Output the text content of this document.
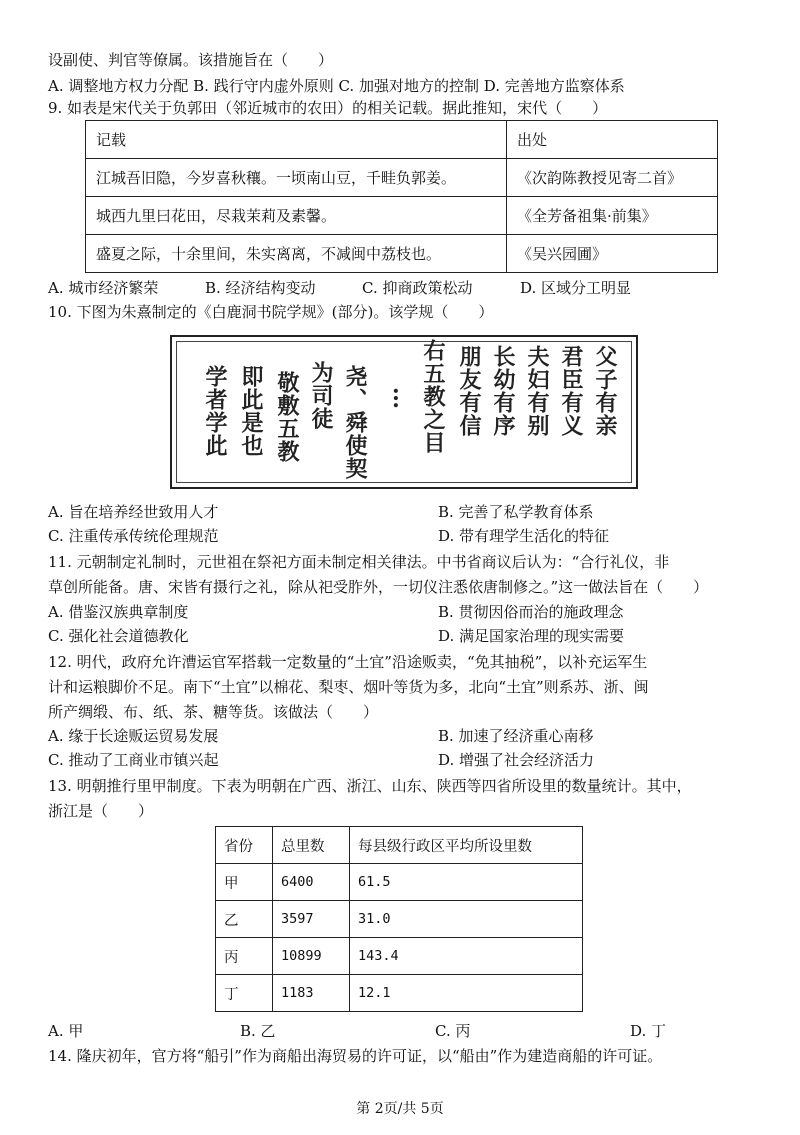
设副使、判官等僚属。该措施旨在（　　）
A. 调整地方权力分配 B. 践行守内虚外原则 C. 加强对地方的控制 D. 完善地方监察体系
9. 如表是宋代关于负郭田（邻近城市的农田）的相关记载。据此推知，宋代（　　）
记载	出处
江城吾旧隐，今岁喜秋穰。一顷南山豆，千畦负郭姜。	《次韵陈教授见寄二首》
城西九里曰花田，尽栽茉莉及素馨。	《全芳备祖集·前集》
盛夏之际，十余里间，朱实离离，不减闽中荔枝也。	《吴兴园圃》
A. 城市经济繁荣	B. 经济结构变动	C. 抑商政策松动	D. 区域分工明显
10. 下图为朱熹制定的《白鹿洞书院学规》(部分)。该学规（　　）
父子有亲
君臣有义
夫妇有别
长幼有序
朋友有信
右五教之目
…
尧、舜使契
为司徒
敬敷五教
即此是也
学者学此
A. 旨在培养经世致用人才	B. 完善了私学教育体系
C. 注重传承传统伦理规范	D. 带有理学生活化的特征
11. 元朝制定礼制时，元世祖在祭祀方面未制定相关律法。中书省商议后认为：“合行礼仪，非
草创所能备。唐、宋皆有摄行之礼，除从祀受胙外，一切仪注悉依唐制修之。”这一做法旨在（　　）
A. 借鉴汉族典章制度	B. 贯彻因俗而治的施政理念
C. 强化社会道德教化	D. 满足国家治理的现实需要
12. 明代，政府允许漕运官军搭载一定数量的“土宜”沿途贩卖，“免其抽税”，以补充运军生
计和运粮脚价不足。南下“土宜”以棉花、梨枣、烟叶等货为多，北向“土宜”则系苏、浙、闽
所产绸缎、布、纸、茶、糖等货。该做法（　　）
A. 缘于长途贩运贸易发展	B. 加速了经济重心南移
C. 推动了工商业市镇兴起	D. 增强了社会经济活力
13. 明朝推行里甲制度。下表为明朝在广西、浙江、山东、陕西等四省所设里的数量统计。其中，
浙江是（　　）
省份	总里数	每县级行政区平均所设里数
甲	6400	61.5
乙	3597	31.0
丙	10899	143.4
丁	1183	12.1
A. 甲	B. 乙	C. 丙	D. 丁
14. 隆庆初年，官方将“船引”作为商船出海贸易的许可证，以“船由”作为建造商船的许可证。
第 2页/共 5页
